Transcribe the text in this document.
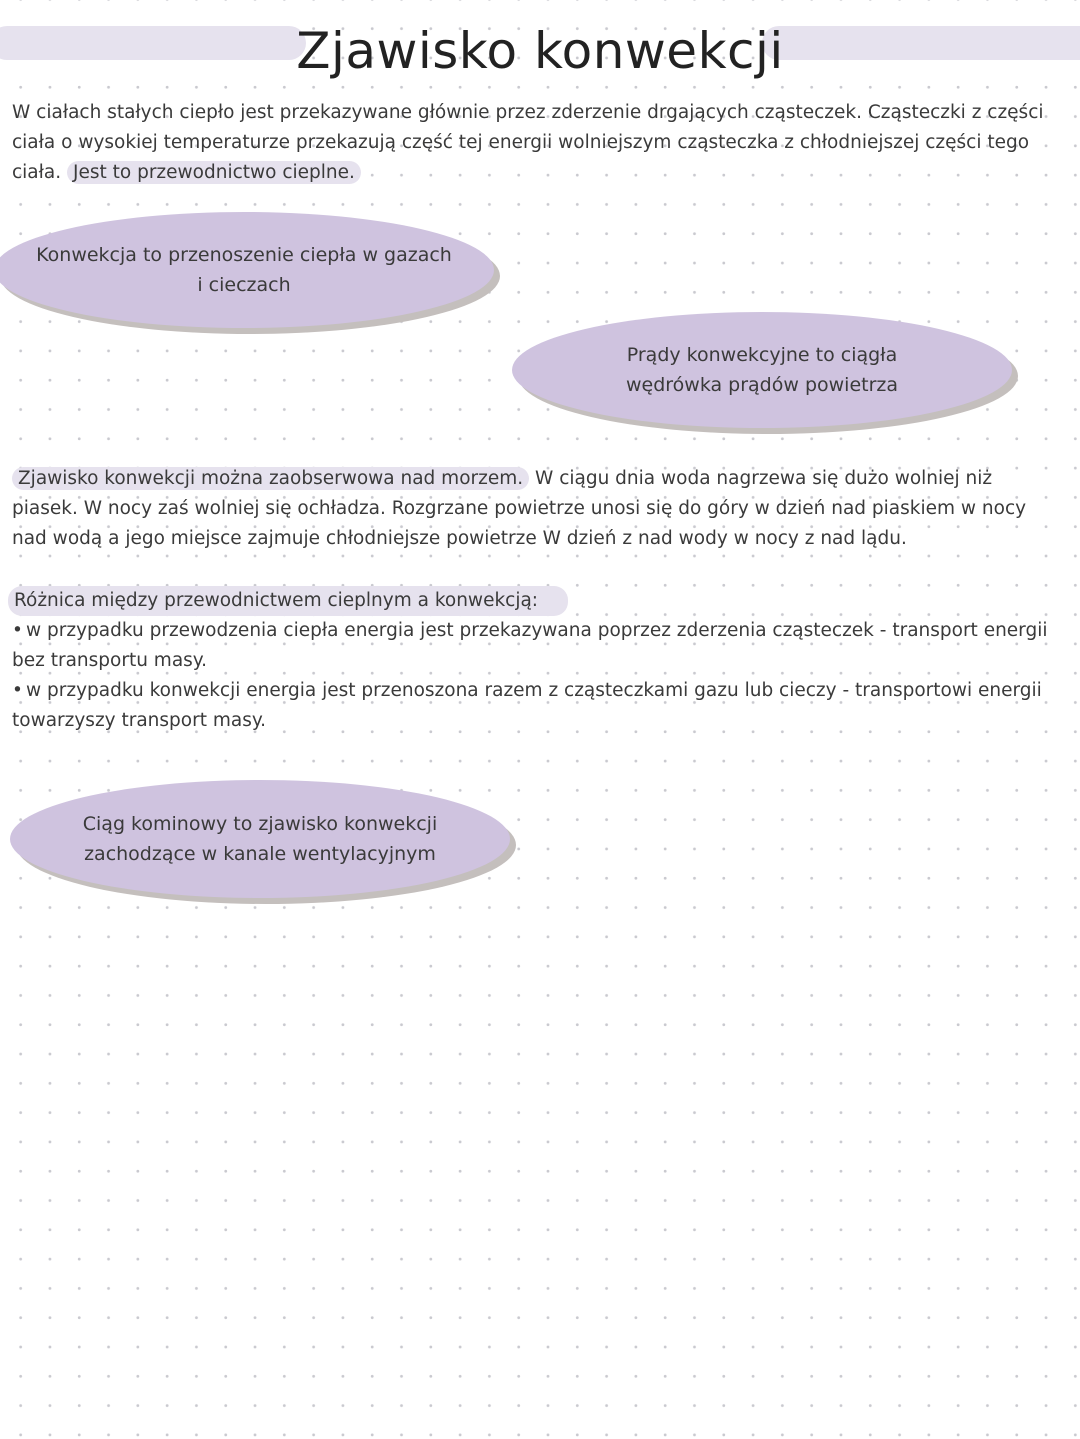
Zjawisko konwekcji

W ciałach stałych ciepło jest przekazywane głównie przez zderzenie drgających cząsteczek. Cząsteczki z części ciała o wysokiej temperaturze przekazują część tej energii wolniejszym cząsteczka z chłodniejszej części tego ciała. Jest to przewodnictwo cieplne.

Konwekcja to przenoszenie ciepła w gazach i cieczach
Prądy konwekcyjne to ciągła wędrówka prądów powietrza

Zjawisko konwekcji można zaobserwowa nad morzem. W ciągu dnia woda nagrzewa się dużo wolniej niż piasek. W nocy zaś wolniej się ochładza. Rozgrzane powietrze unosi się do góry w dzień nad piaskiem w nocy nad wodą a jego miejsce zajmuje chłodniejsze powietrze W dzień z nad wody w nocy z nad lądu.

Różnica między przewodnictwem cieplnym a konwekcją:
• w przypadku przewodzenia ciepła energia jest przekazywana poprzez zderzenia cząsteczek - transport energii bez transportu masy.
• w przypadku konwekcji energia jest przenoszona razem z cząsteczkami gazu lub cieczy - transportowi energii towarzyszy transport masy.
Ciąg kominowy to zjawisko konwekcji zachodzące w kanale wentylacyjnym
